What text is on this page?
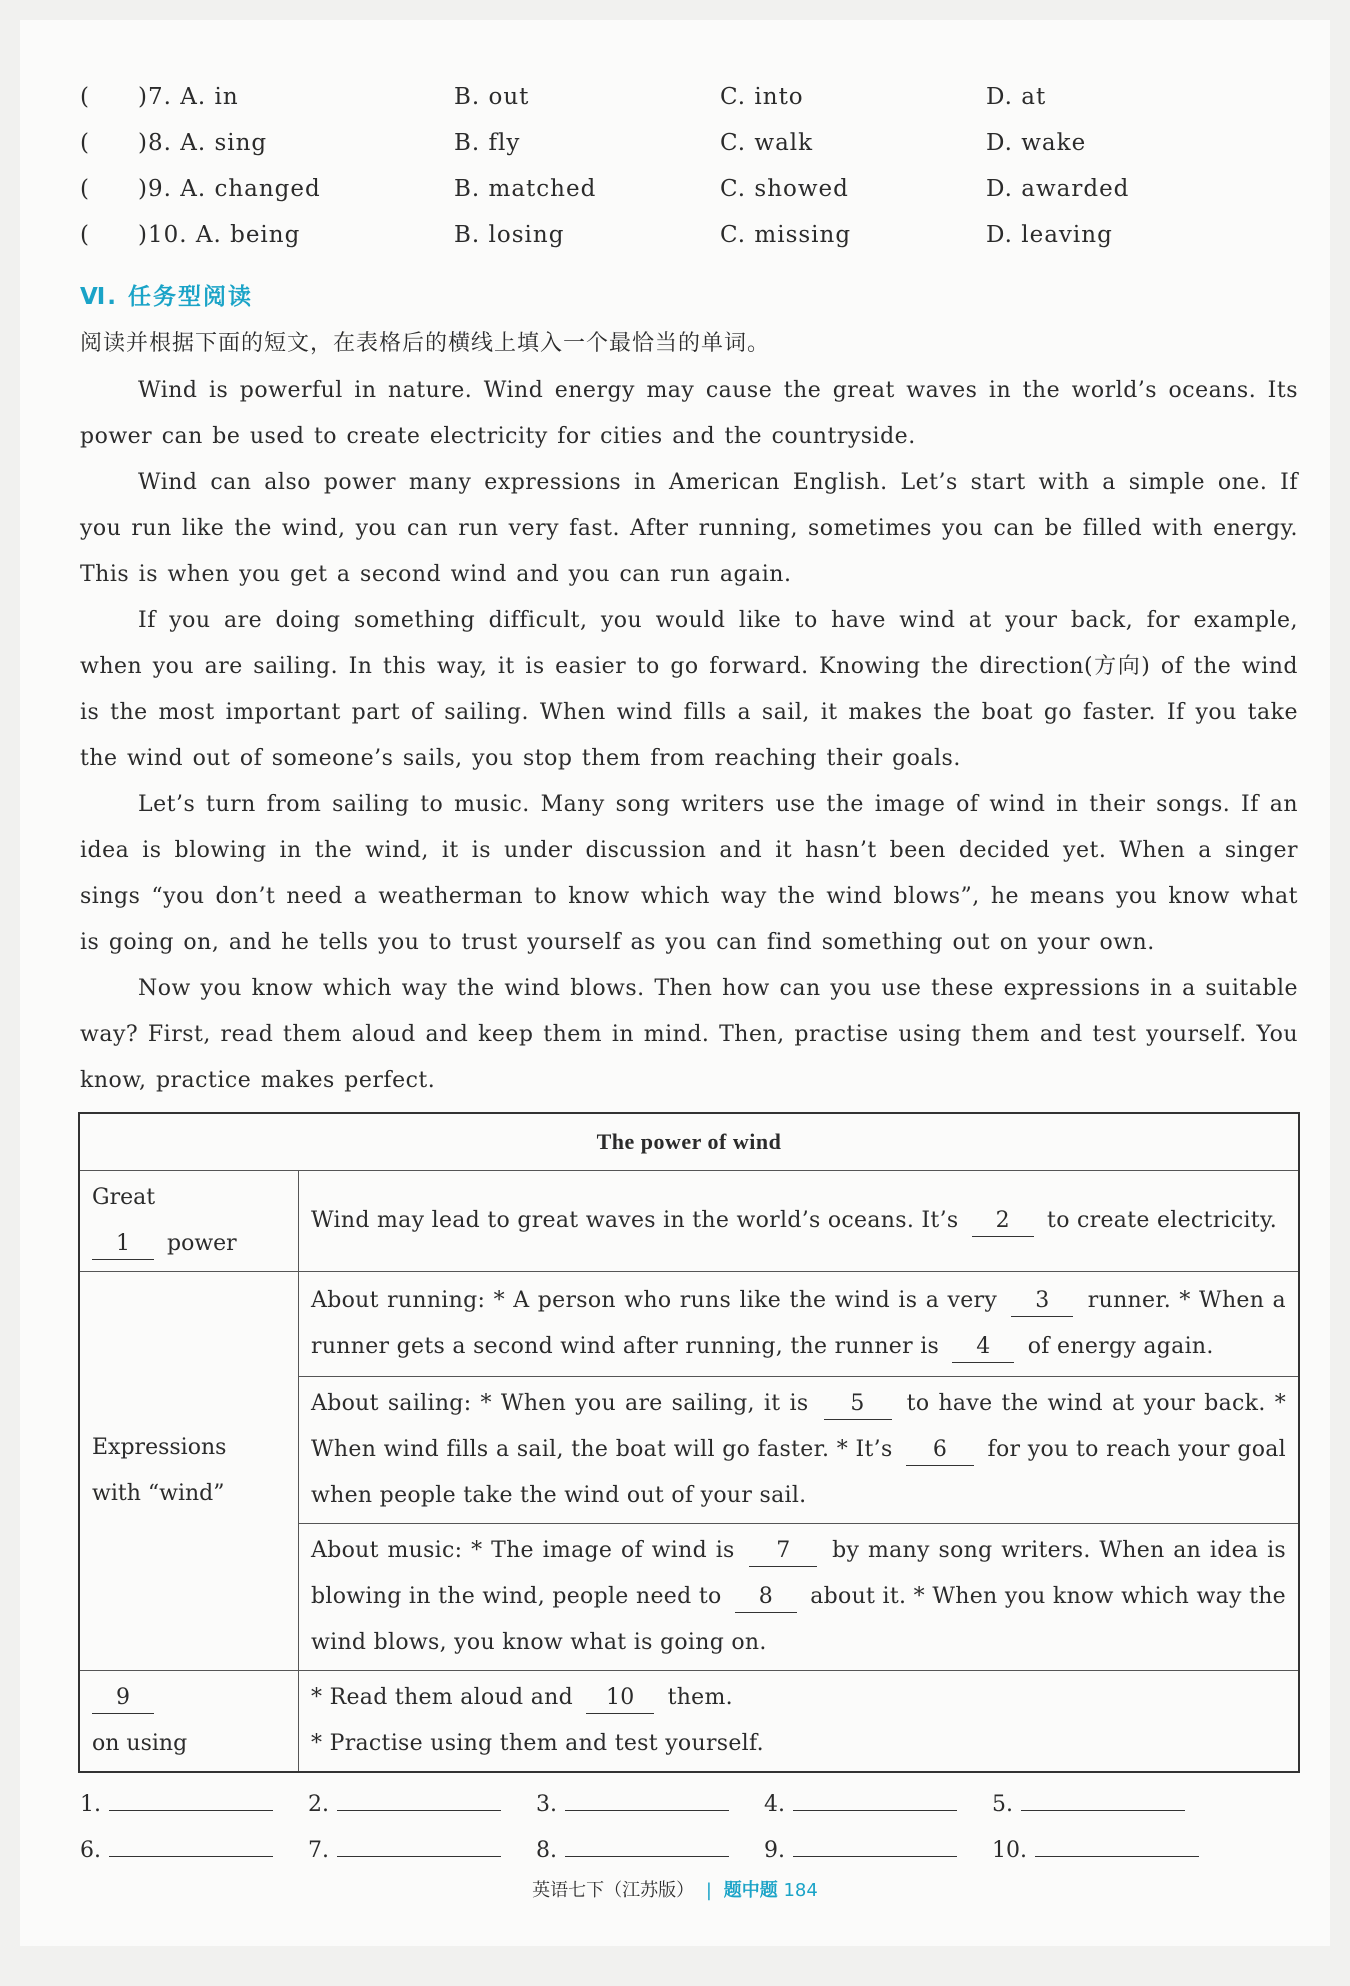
( )7. A. in	B. out	C. into	D. at
( )8. A. sing	B. fly	C. walk	D. wake
( )9. A. changed	B. matched	C. showed	D. awarded
( )10. A. being	B. losing	C. missing	D. leaving
Ⅵ. 任务型阅读
阅读并根据下面的短文，在表格后的横线上填入一个最恰当的单词。

Wind is powerful in nature. Wind energy may cause the great waves in the world’s oceans. Its power can be used to create electricity for cities and the countryside.

Wind can also power many expressions in American English. Let’s start with a simple one. If you run like the wind, you can run very fast. After running, sometimes you can be filled with energy. This is when you get a second wind and you can run again.

If you are doing something difficult, you would like to have wind at your back, for example, when you are sailing. In this way, it is easier to go forward. Knowing the direction(方向) of the wind is the most important part of sailing. When wind fills a sail, it makes the boat go faster. If you take the wind out of someone’s sails, you stop them from reaching their goals.

Let’s turn from sailing to music. Many song writers use the image of wind in their songs. If an idea is blowing in the wind, it is under discussion and it hasn’t been decided yet. When a singer sings “you don’t need a weatherman to know which way the wind blows”, he means you know what is going on, and he tells you to trust yourself as you can find something out on your own.

Now you know which way the wind blows. Then how can you use these expressions in a suitable way? First, read them aloud and keep them in mind. Then, practise using them and test yourself. You know, practice makes perfect.

The power of wind	
Great
1 power	Wind may lead to great waves in the world’s oceans. It’s 2 to create electricity.
Expressions
with “wind”	About running: * A person who runs like the wind is a very 3 runner. * When a runner gets a second wind after running, the runner is 4 of energy again.
	About sailing: * When you are sailing, it is 5 to have the wind at your back. * When wind fills a sail, the boat will go faster. * It’s 6 for you to reach your goal when people take the wind out of your sail.
	About music: * The image of wind is 7 by many song writers. When an idea is blowing in the wind, people need to 8 about it. * When you know which way the wind blows, you know what is going on.
9
on using	* Read them aloud and 10 them.
* Practise using them and test yourself.
1.	2.	3.	4.	5.
6.	7.	8.	9.	10.
英语七下（江苏版） | 题中题 184
